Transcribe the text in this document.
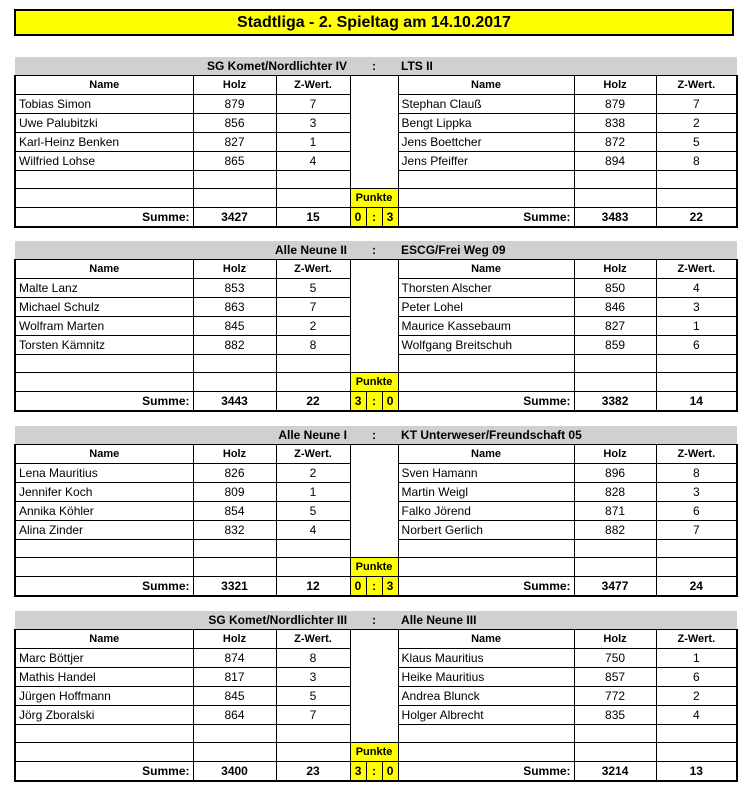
Stadtliga - 2. Spieltag am 14.10.2017
SG Komet/Nordlichter IV			:			LTS II		
Name	Holz	Z-Wert.				Name	Holz	Z-Wert.
Tobias Simon	879	7				Stephan Clauß	879	7
Uwe Palubitzki	856	3				Bengt Lippka	838	2
Karl-Heinz Benken	827	1				Jens Boettcher	872	5
Wilfried Lohse	865	4				Jens Pfeiffer	894	8

			Punkte					
Summe:	3427	15	0	:	3	Summe:	3483	22
Alle Neune II			:			ESCG/Frei Weg 09		
Name	Holz	Z-Wert.				Name	Holz	Z-Wert.
Malte Lanz	853	5				Thorsten Alscher	850	4
Michael Schulz	863	7				Peter Lohel	846	3
Wolfram Marten	845	2				Maurice Kassebaum	827	1
Torsten Kämnitz	882	8				Wolfgang Breitschuh	859	6

			Punkte					
Summe:	3443	22	3	:	0	Summe:	3382	14
Alle Neune I			:			KT Unterweser/Freundschaft 05		
Name	Holz	Z-Wert.				Name	Holz	Z-Wert.
Lena Mauritius	826	2				Sven Hamann	896	8
Jennifer Koch	809	1				Martin Weigl	828	3
Annika Köhler	854	5				Falko Jörend	871	6
Alina Zinder	832	4				Norbert Gerlich	882	7

			Punkte					
Summe:	3321	12	0	:	3	Summe:	3477	24
SG Komet/Nordlichter III			:			Alle Neune III		
Name	Holz	Z-Wert.				Name	Holz	Z-Wert.
Marc Böttjer	874	8				Klaus Mauritius	750	1
Mathis Handel	817	3				Heike Mauritius	857	6
Jürgen Hoffmann	845	5				Andrea Blunck	772	2
Jörg Zboralski	864	7				Holger Albrecht	835	4

			Punkte					
Summe:	3400	23	3	:	0	Summe:	3214	13
